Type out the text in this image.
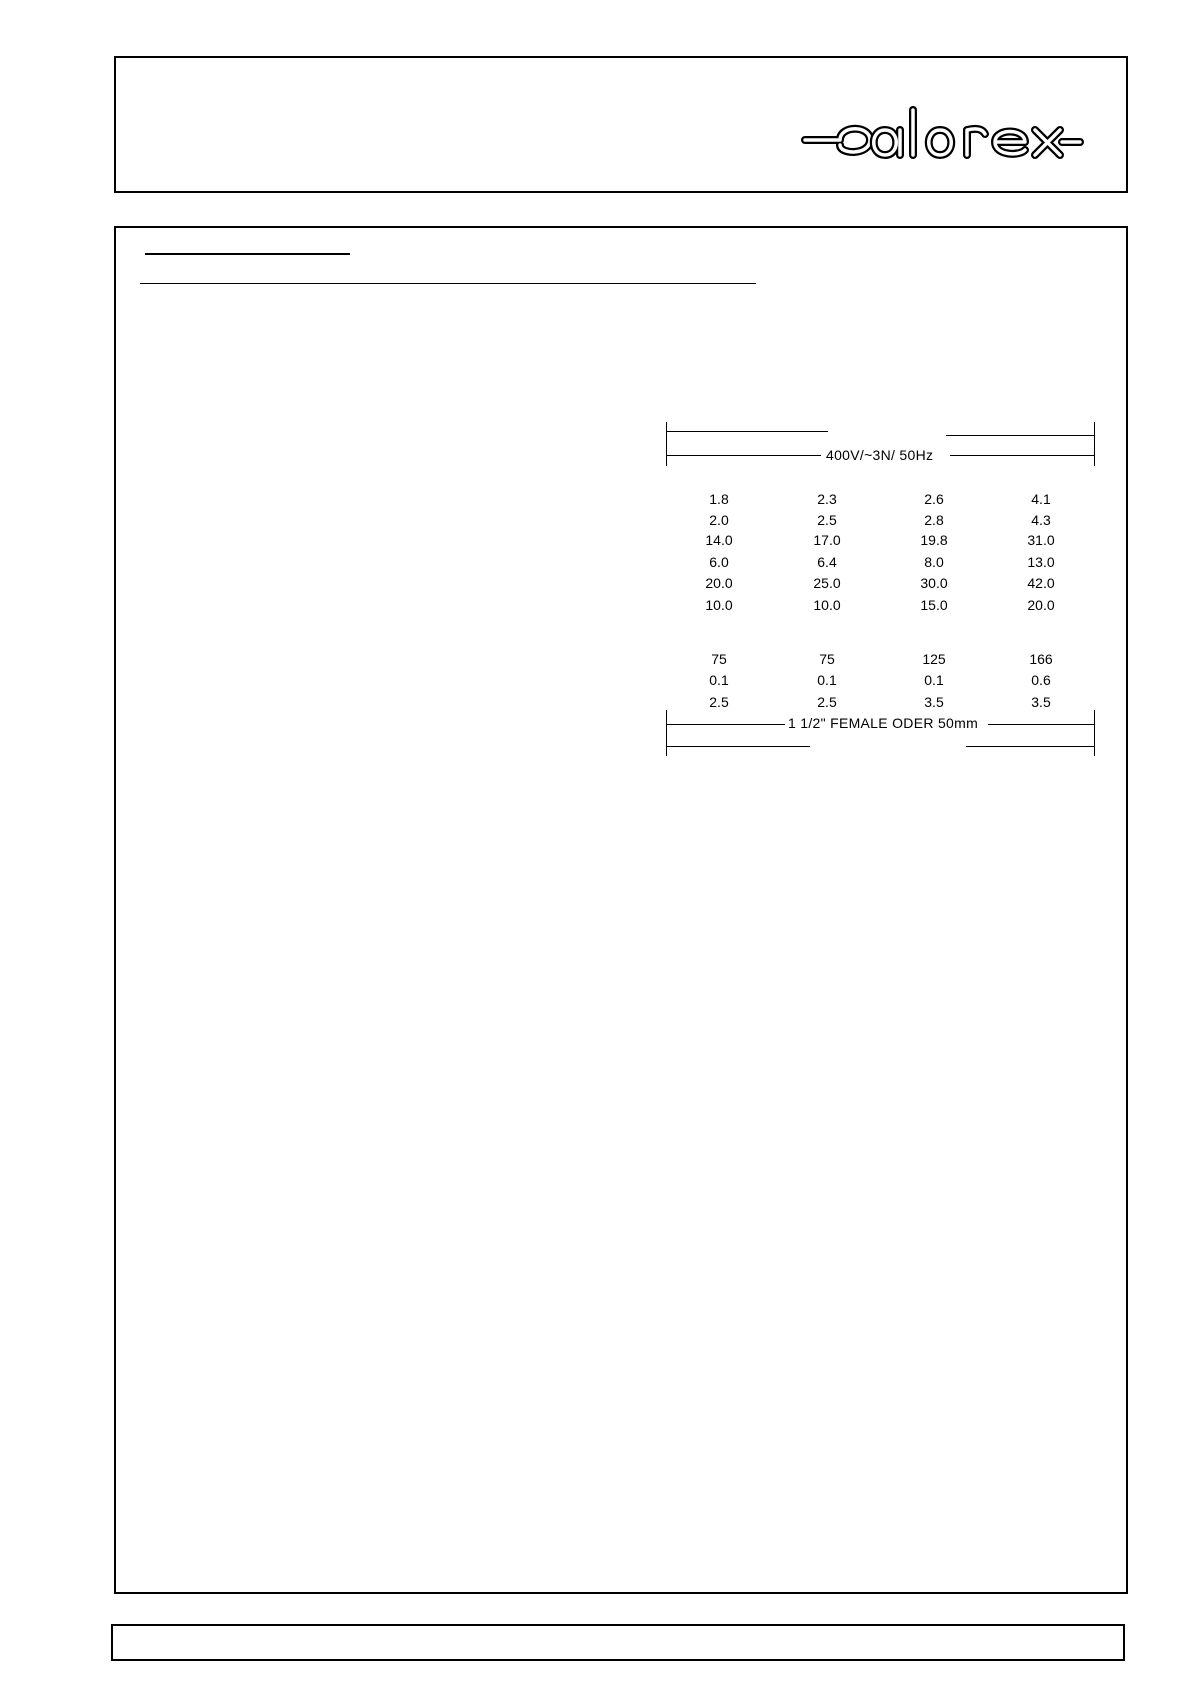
400V/~3N/ 50Hz
1.8	2.3	2.6	4.1
2.0	2.5	2.8	4.3
14.0	17.0	19.8	31.0
6.0	6.4	8.0	13.0
20.0	25.0	30.0	42.0
10.0	10.0	15.0	20.0
75	75	125	166
0.1	0.1	0.1	0.6
2.5	2.5	3.5	3.5
1 1/2" FEMALE ODER 50mm
